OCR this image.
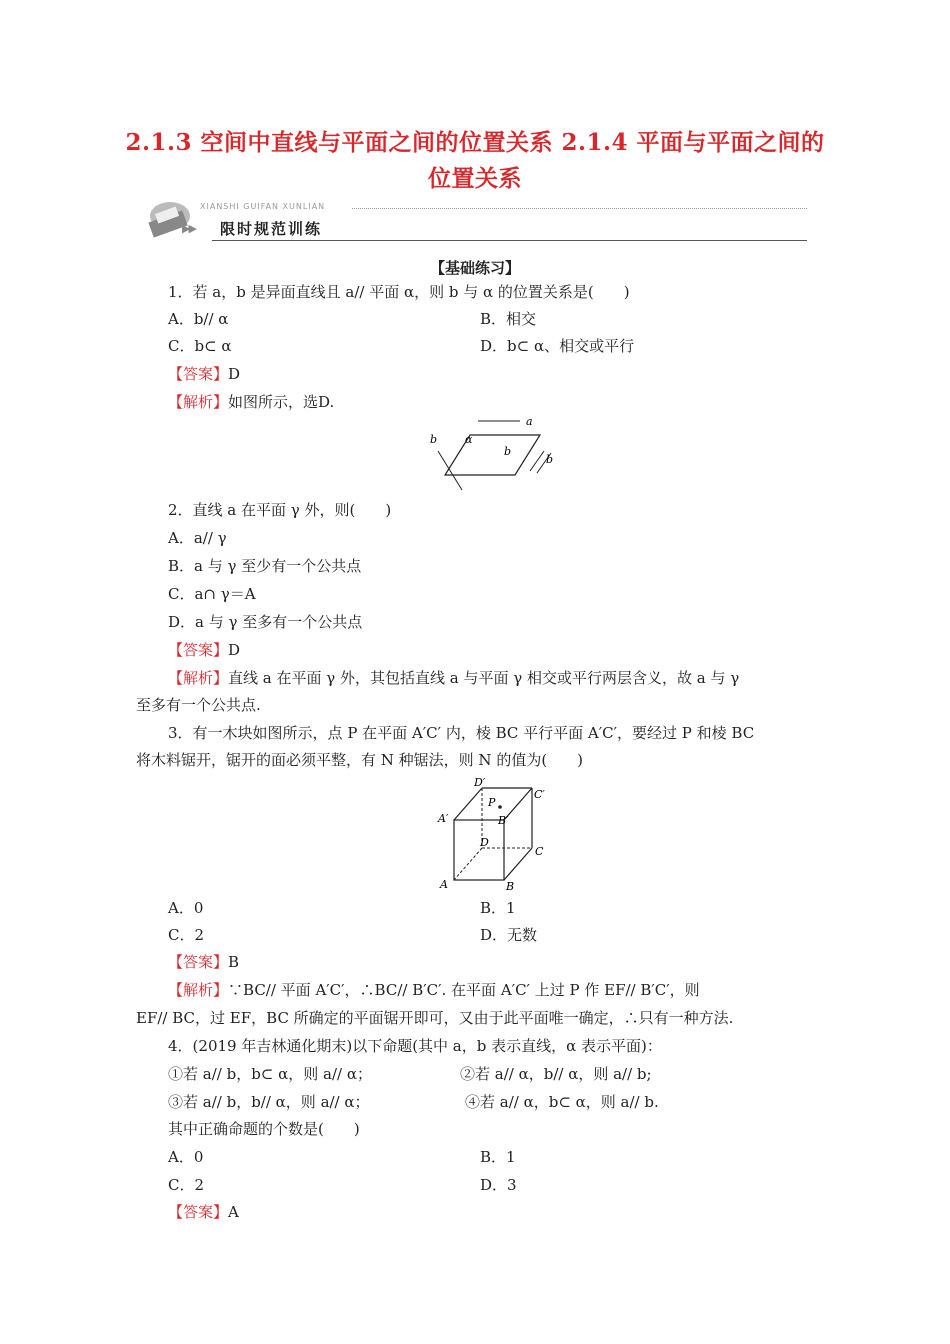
2.1.3 空间中直线与平面之间的位置关系 2.1.4 平面与平面之间的
位置关系
XIANSHI GUIFAN XUNLIAN
▶▶ 限时规范训练
【基础练习】
1．若 a，b 是异面直线且 a// 平面 α，则 b 与 α 的位置关系是(　　)
A．b// α	B．相交
C．b⊂ α	D．b⊂ α、相交或平行
【答案】D
【解析】如图所示，选D.
a
α
b
b
b
2．直线 a 在平面 γ 外，则(　　)
A．a// γ
B．a 与 γ 至少有一个公共点
C．a∩ γ＝A
D．a 与 γ 至多有一个公共点
【答案】D
【解析】直线 a 在平面 γ 外，其包括直线 a 与平面 γ 相交或平行两层含义，故 a 与 γ
至多有一个公共点.
3．有一木块如图所示，点 P 在平面 A′C′ 内，棱 BC 平行平面 A′C′，要经过 P 和棱 BC
将木料锯开，锯开的面必须平整，有 N 种锯法，则 N 的值为(　　)
D′
C′
A′
P
B′
D
C
A	B
A．0	B．1
C．2	D．无数
【答案】B
【解析】∵BC// 平面 A′C′，∴BC// B′C′. 在平面 A′C′ 上过 P 作 EF// B′C′，则
EF// BC，过 EF，BC 所确定的平面锯开即可，又由于此平面唯一确定，∴只有一种方法.
4．(2019 年吉林通化期末)以下命题(其中 a，b 表示直线，α 表示平面)：
①若 a// b，b⊂ α，则 a// α；	②若 a// α，b// α，则 a// b;
③若 a// b，b// α，则 a// α；	④若 a// α，b⊂ α，则 a// b.
其中正确命题的个数是(　　)
A．0	B．1
C．2	D．3
【答案】A
